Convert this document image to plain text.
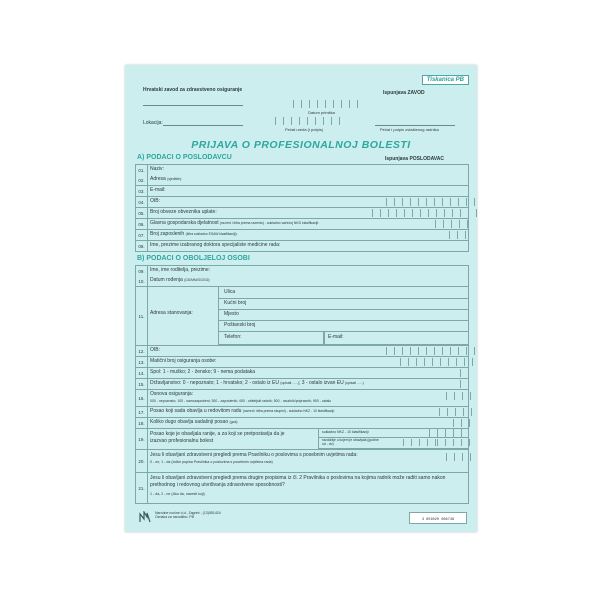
Hrvatski zavod za zdravstveno osiguranje
Tiskanica PB
Ispunjava ZAVOD
Datum primitka
Lokacija:
Pečat ureda (i potpis)	Pečat i potpis ovlaštenog radnika
PRIJAVA O PROFESIONALNOJ BOLESTI
A) PODACI O POSLODAVCU	Ispunjava POSLODAVAC
01.	Naziv:
02.	Adresa (sjedište):
03.	E-mail:
04.	OIB:
05.	Broj obveze obveznika uplate:
06.	Glavna gospodarska djelatnost (razred i šifra prema razredu) - sukladno važećoj NKD klasifikaciji:
07.	Broj zaposlenih (šifra sukladno ESAW klasifikaciji):
08.	Ime, prezime izabranog doktora specijaliste medicine rada:
B) PODACI O OBOLJELOJ OSOBI
09.	Ime, ime roditelja, prezime:
10.	Datum rođenja (DD/MM/GGGG):
11.	Adresa stanovanja:
Ulica
Kućni broj
Mjesto
Poštanski broj
Telefon:	E-mail:
12.	OIB:
13.	Matični broj osiguranja osobe:
14.	Spol: 1 - muško; 2 - žensko; 9 - nema podataka
15.	Državljanstvo: 0 - nepoznato; 1 - hrvatsko; 2 - ostalo iz EU (upisati ......); 3 - ostalo izvan EU (upisati ......)
16.
Osnova osiguranja:
000 - nepoznato; 100 - samozaposleni; 300 - zaposlenik; 400 - obiteljski radnik; 500 - naučnik/pripravnik; 900 - ostalo
17.	Posao koji sada obavlja u redovitom radu (razred i šifra prema skupini) - sukladno NKZ - 10 klasifikaciji:
18.	Koliko dugo obavlja sadašnji posao (god):
19.
Posao koje je obavljala ranije, a za koji se pretpostavlja da je izazvao profesionalnu bolest
sukladno NKZ - 10 klasifikaciji
razdoblje u kojem je obavljala (godine od - do)
20.
Jesu li obavljani zdravstveni pregledi prema Pravilniku o poslovima s posebnim uvjetima rada:
0 - ne, 1 - da (točke popisa Pravilnika o poslovima s posebnim uvjetima rada)
21.
Jesu li obavljani zdravstveni pregledi prema drugim propisima iz čl. 2 Pravilnika o poslovima na kojima radnik može raditi samo nakon prethodnog i redovnog utvrđivanja zdravstvene sposobnosti?
1 - da, 2 - ne (Ako da, navesti koji)
Narodne novine d.d., Zagreb - (13)
Oznaka za narudžbu: PB
551424
3 856020 068748
